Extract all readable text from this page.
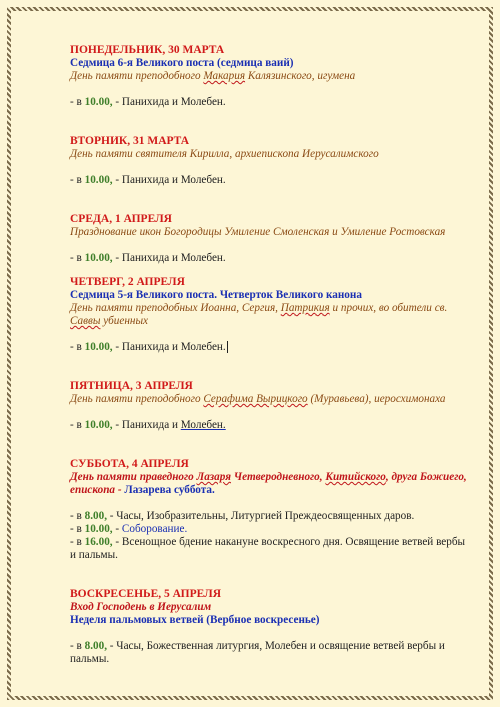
ПОНЕДЕЛЬНИК, 30 МАРТА
Седмица 6-я Великого поста (седмица ваий)
День памяти преподобного Макария Калязинского, игумена
- в 10.00, - Панихида и Молебен.
ВТОРНИК, 31 МАРТА
День памяти святителя Кирилла, архиепископа Иерусалимского
- в 10.00, - Панихида и Молебен.
СРЕДА, 1 АПРЕЛЯ
Празднование икон Богородицы Умиление Смоленская и Умиление Ростовская
- в 10.00, - Панихида и Молебен.
ЧЕТВЕРГ, 2 АПРЕЛЯ
Седмица 5-я Великого поста. Четверток Великого канона
День памяти преподобных Иоанна, Сергия, Патрикия и прочих, во обители св. Саввы убиенных
- в 10.00, - Панихида и Молебен.
ПЯТНИЦА, 3 АПРЕЛЯ
День памяти преподобного Серафима Вырицкого (Муравьева), иеросхимонаха
- в 10.00, - Панихида и Молебен.
СУББОТА, 4 АПРЕЛЯ
День памяти праведного Лазаря Четверодневного, Китийского, друга Божиего, епископа - Лазарева суббота.
- в 8.00, - Часы, Изобразительны, Литургией Преждеосвященных даров.
- в 10.00, - Соборование.
- в 16.00, - Всенощное бдение накануне воскресного дня. Освящение ветвей вербы и пальмы.
ВОСКРЕСЕНЬЕ, 5 АПРЕЛЯ
Вход Господень в Иерусалим
Неделя пальмовых ветвей (Вербное воскресенье)
- в 8.00, - Часы, Божественная литургия, Молебен и освящение ветвей вербы и пальмы.
